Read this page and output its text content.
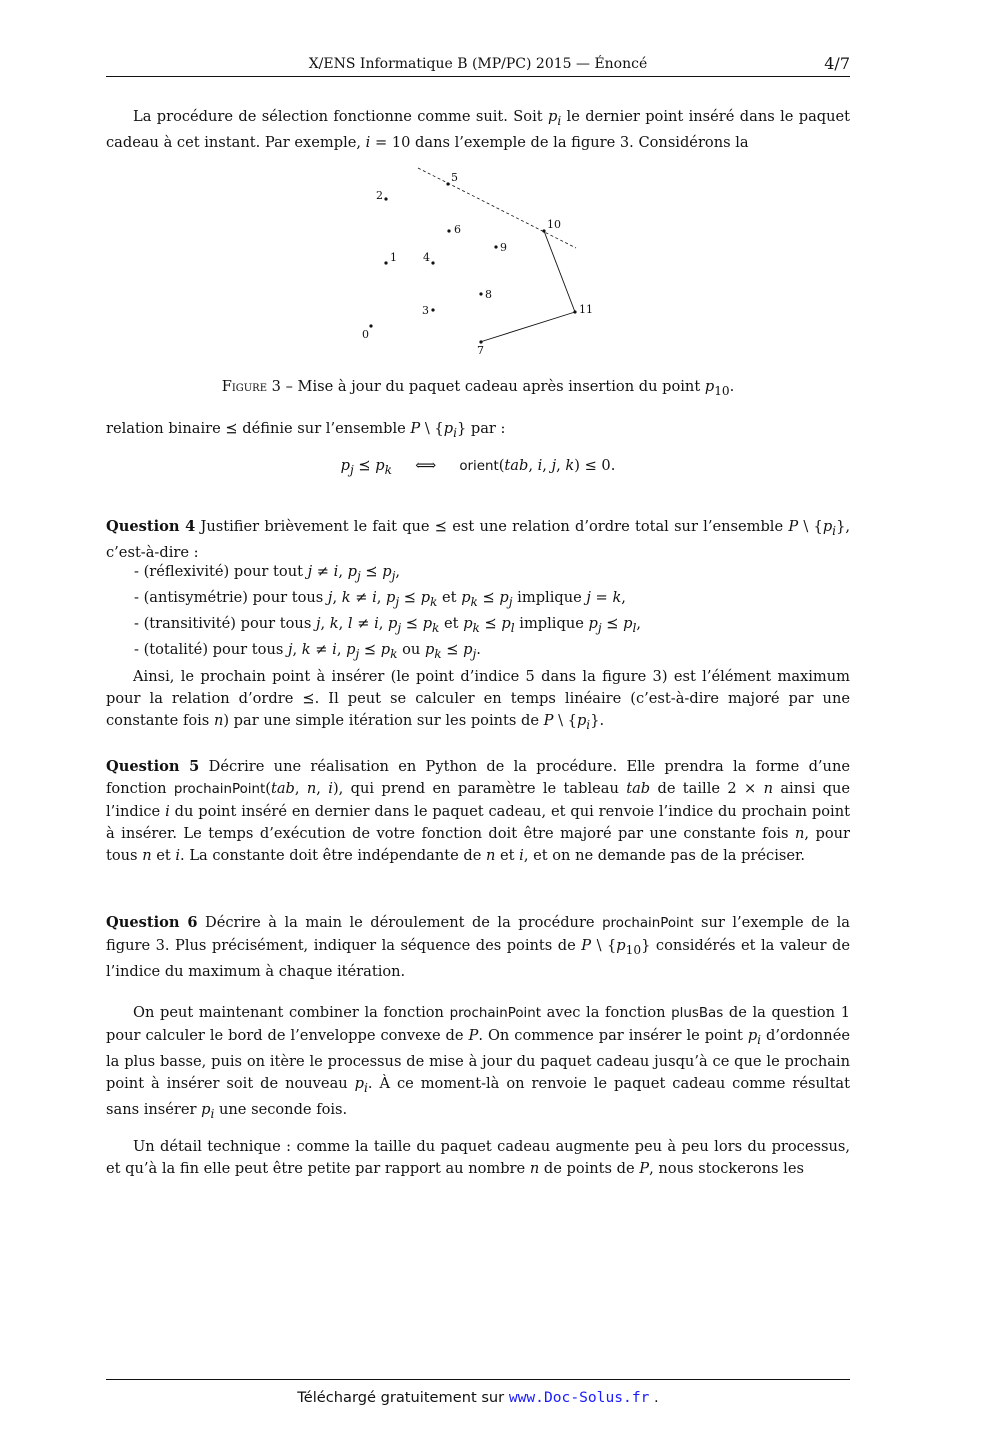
X/ENS Informatique B (MP/PC) 2015 — Énoncé	4/7

La procédure de sélection fonctionne comme suit. Soit $p_i$ le dernier point inséré dans le paquet cadeau à cet instant. Par exemple, i = 10 dans l’exemple de la figure 3. Considérons la

0
1
2
3
4
5
6
7
8
9
10
11
Figure 3 – Mise à jour du paquet cadeau après insertion du point $p_{10}$.

relation binaire ⪯ définie sur l’ensemble P \ $\{p_i\}$ par :

$p_j$ ⪯ $p_k$     ⟺     orient(tab, i, j, k) ≤ 0.

Question 4 Justifier brièvement le fait que ⪯ est une relation d’ordre total sur l’ensemble P \ $\{p_i\}$, c’est-à-dire :

- (réflexivité) pour tout j ≠ i, $p_j$ ⪯ $p_j$,
- (antisymétrie) pour tous j, k ≠ i, $p_j$ ⪯ $p_k$ et $p_k$ ⪯ $p_j$ implique j = k,
- (transitivité) pour tous j, k, l ≠ i, $p_j$ ⪯ $p_k$ et $p_k$ ⪯ $p_l$ implique $p_j$ ⪯ $p_l$,
- (totalité) pour tous j, k ≠ i, $p_j$ ⪯ $p_k$ ou $p_k$ ⪯ $p_j$.

Ainsi, le prochain point à insérer (le point d’indice 5 dans la figure 3) est l’élément maximum pour la relation d’ordre ⪯. Il peut se calculer en temps linéaire (c’est-à-dire majoré par une constante fois n) par une simple itération sur les points de P \ $\{p_i\}$.

Question 5 Décrire une réalisation en Python de la procédure. Elle prendra la forme d’une fonction prochainPoint(tab, n, i), qui prend en paramètre le tableau tab de taille 2 × n ainsi que l’indice i du point inséré en dernier dans le paquet cadeau, et qui renvoie l’indice du prochain point à insérer. Le temps d’exécution de votre fonction doit être majoré par une constante fois n, pour tous n et i. La constante doit être indépendante de n et i, et on ne demande pas de la préciser.

Question 6 Décrire à la main le déroulement de la procédure prochainPoint sur l’exemple de la figure 3. Plus précisément, indiquer la séquence des points de P \ $\{p_{10}\}$ considérés et la valeur de l’indice du maximum à chaque itération.

On peut maintenant combiner la fonction prochainPoint avec la fonction plusBas de la question 1 pour calculer le bord de l’enveloppe convexe de P. On commence par insérer le point $p_i$ d’ordonnée la plus basse, puis on itère le processus de mise à jour du paquet cadeau jusqu’à ce que le prochain point à insérer soit de nouveau $p_i$. À ce moment-là on renvoie le paquet cadeau comme résultat sans insérer $p_i$ une seconde fois.

Un détail technique : comme la taille du paquet cadeau augmente peu à peu lors du processus, et qu’à la fin elle peut être petite par rapport au nombre n de points de P, nous stockerons les

Téléchargé gratuitement sur www.Doc-Solus.fr .
